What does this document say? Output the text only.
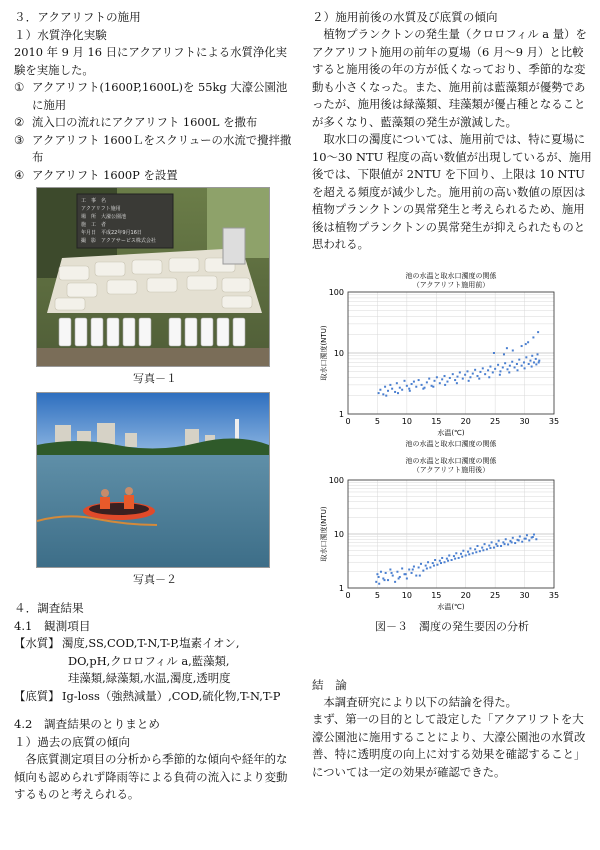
３．アクアリフトの施用

１）水質浄化実験

2010 年 9 月 16 日にアクアリフトによる水質浄化実験を実施した。

① アクアリフト(1600P,1600L)を 55kg 大濠公園池に施用
② 流入口の流れにアクアリフト 1600L を撒布
③ アクアリフト 1600Ｌをスクリューの水流で攪拌撒布
④ アクアリフト 1600P を設置
工　事　名
アクアリフト施用
場　所　大濠公園池
施　工　者
年月日　平成22年9月16日
撮　影　アクアサービス株式会社

写真－１

写真－２

４．調査結果

4.1　観測項目

【水質】 濁度,SS,COD,T-N,T-P,塩素イオン,

DO,pH,クロロフィル a,藍藻類,

珪藻類,緑藻類,水温,濁度,透明度

【底質】 Ig-loss（強熱減量）,COD,硫化物,T-N,T-P

4.2　調査結果のとりまとめ

１）過去の底質の傾向

各底質測定項目の分析から季節的な傾向や経年的な傾向も認められず降雨等による負荷の流入により変動するものと考えられる。

２）施用前後の水質及び底質の傾向

植物プランクトンの発生量（クロロフィル a 量）をアクアリフト施用の前年の夏場（6 月～9 月）と比較すると施用後の年の方が低くなっており、季節的な変動も小さくなった。また、施用前は藍藻類が優勢であったが、施用後は緑藻類、珪藻類が優占種となることが多くなり、藍藻類の発生が激減した。

取水口の濁度については、施用前では、特に夏場に 10～30 NTU 程度の高い数値が出現しているが、施用後では、下限値が 2NTU を下回り、上限は 10 NTU を超える頻度が減少した。施用前の高い数値の原因は植物プランクトンの異常発生と考えられるため、施用後は植物プランクトンの異常発生が抑えられたものと思われる。

池の水温と取水口濁度の関係
（アクアリフト施用前）
1
10
100
0	5	10 15 20 25 30 35
水温(℃)
取水口濁度(NTU)
池の水温と取水口濁度の関係
池の水温と取水口濁度の関係
（アクアリフト施用後）
1
10
100
0	5	10 15 20 25 30 35
水温(℃)
取水口濁度(NTU)

図－３　濁度の発生要因の分析

結　論

本調査研究により以下の結論を得た。

まず、第一の目的として設定した「アクアリフトを大濠公園池に施用することにより、大濠公園池の水質改善、特に透明度の向上に対する効果を確認すること」については一定の効果が確認できた。
